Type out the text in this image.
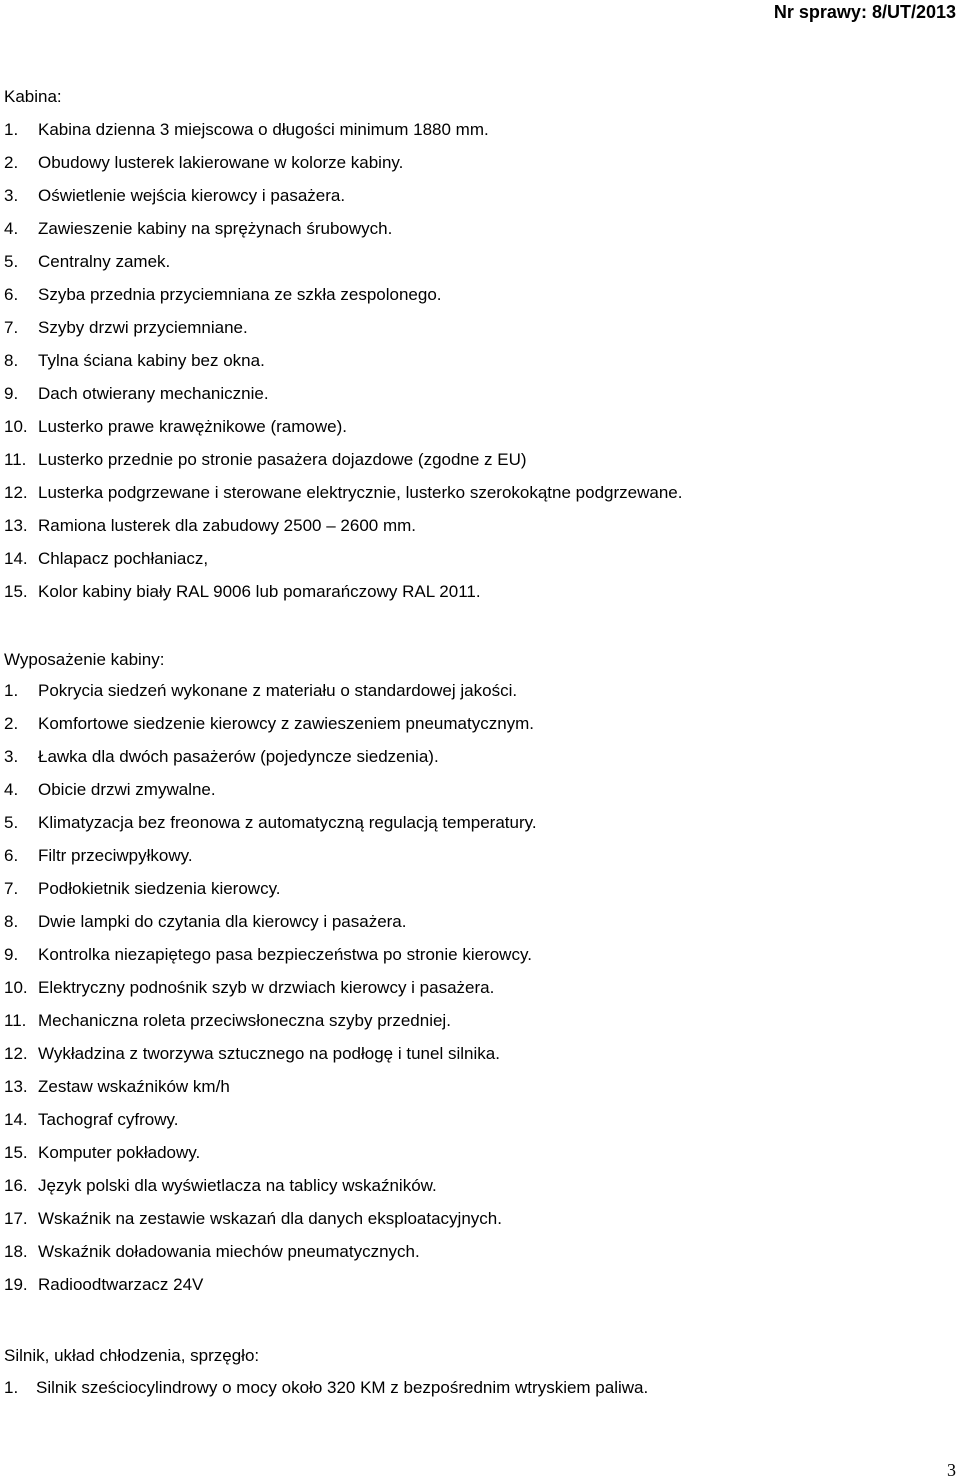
Nr sprawy: 8/UT/2013
Kabina:
1. Kabina dzienna 3 miejscowa o długości minimum 1880 mm.
2. Obudowy lusterek lakierowane w kolorze kabiny.
3. Oświetlenie wejścia kierowcy i pasażera.
4. Zawieszenie kabiny na sprężynach śrubowych.
5. Centralny zamek.
6. Szyba przednia przyciemniana ze szkła zespolonego.
7. Szyby drzwi przyciemniane.
8. Tylna ściana kabiny bez okna.
9. Dach otwierany mechanicznie.
10. Lusterko prawe krawężnikowe (ramowe).
11. Lusterko przednie po stronie pasażera dojazdowe (zgodne z EU)
12. Lusterka podgrzewane i sterowane elektrycznie, lusterko szerokokątne podgrzewane.
13. Ramiona lusterek dla zabudowy 2500 – 2600 mm.
14. Chlapacz pochłaniacz,
15. Kolor kabiny biały RAL 9006 lub pomarańczowy RAL 2011.
Wyposażenie kabiny:
1. Pokrycia siedzeń wykonane z materiału o standardowej jakości.
2. Komfortowe siedzenie kierowcy z zawieszeniem pneumatycznym.
3. Ławka dla dwóch pasażerów (pojedyncze siedzenia).
4. Obicie drzwi zmywalne.
5. Klimatyzacja bez freonowa z automatyczną regulacją temperatury.
6. Filtr przeciwpyłkowy.
7. Podłokietnik siedzenia kierowcy.
8. Dwie lampki do czytania dla kierowcy i pasażera.
9. Kontrolka niezapiętego pasa bezpieczeństwa po stronie kierowcy.
10. Elektryczny podnośnik szyb w drzwiach kierowcy i pasażera.
11. Mechaniczna roleta przeciwsłoneczna szyby przedniej.
12. Wykładzina z tworzywa sztucznego na podłogę i tunel silnika.
13. Zestaw wskaźników km/h
14. Tachograf cyfrowy.
15. Komputer pokładowy.
16. Język polski dla wyświetlacza na tablicy wskaźników.
17. Wskaźnik na zestawie wskazań dla danych eksploatacyjnych.
18. Wskaźnik doładowania miechów pneumatycznych.
19. Radioodtwarzacz 24V
Silnik, układ chłodzenia, sprzęgło:
1. Silnik sześciocylindrowy o mocy około 320 KM z bezpośrednim wtryskiem paliwa.
3
